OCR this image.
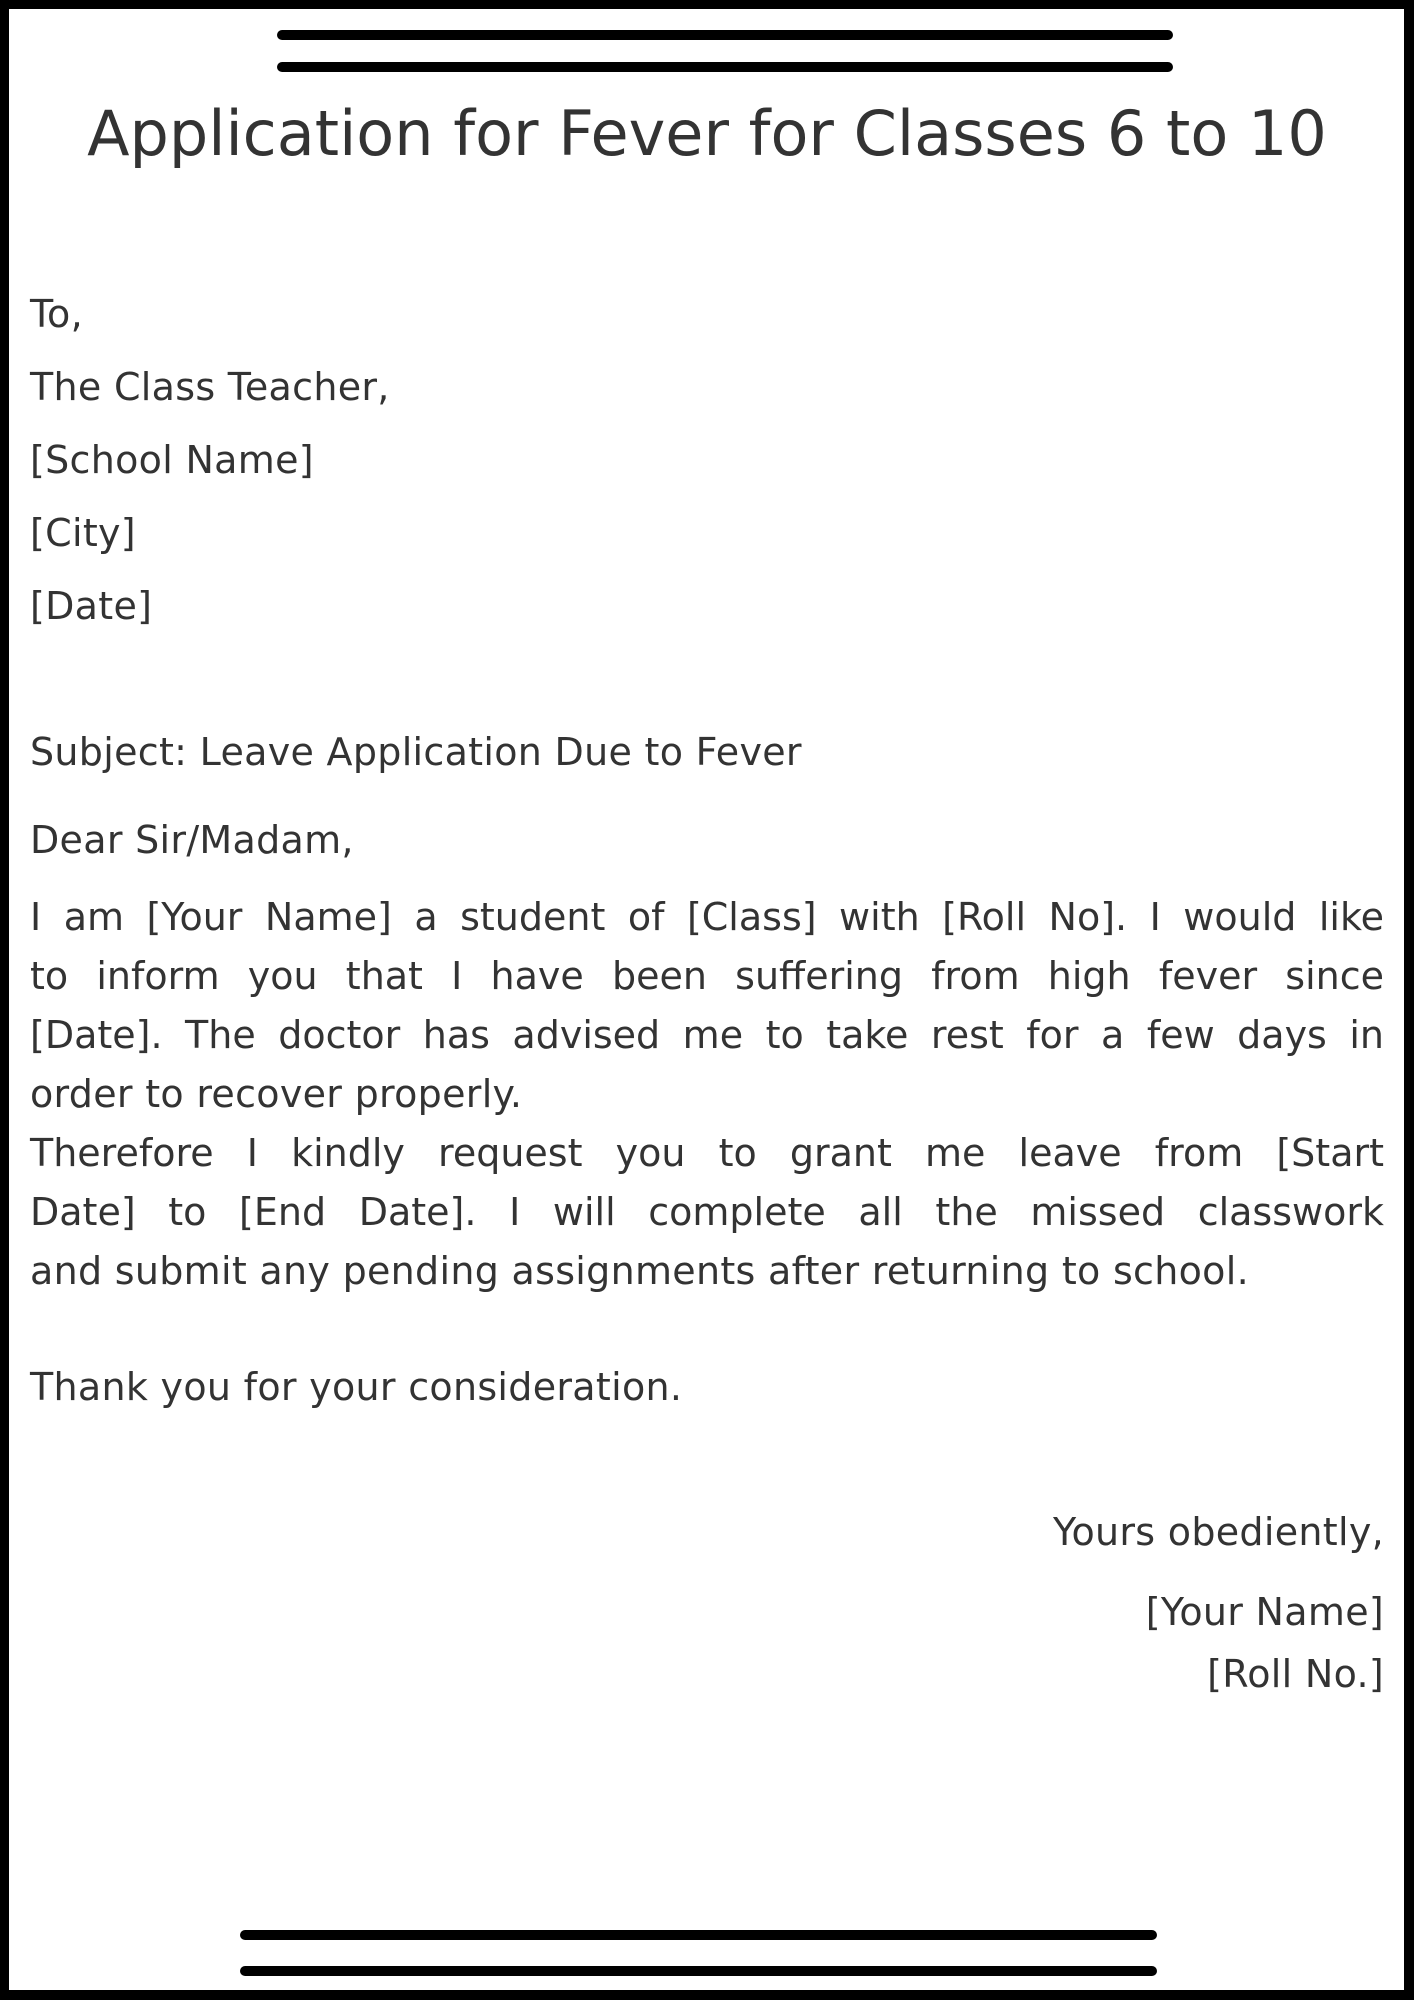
Application for Fever for Classes 6 to 10
To,
The Class Teacher,
[School Name]
[City]
[Date]
Subject: Leave Application Due to Fever
Dear Sir/Madam,
I am [Your Name] a student of [Class] with [Roll No]. I would like
to inform you that I have been suffering from high fever since
[Date]. The doctor has advised me to take rest for a few days in
order to recover properly.
Therefore I kindly request you to grant me leave from [Start
Date] to [End Date]. I will complete all the missed classwork
and submit any pending assignments after returning to school.
Thank you for your consideration.
Yours obediently,
[Your Name]
[Roll No.]
